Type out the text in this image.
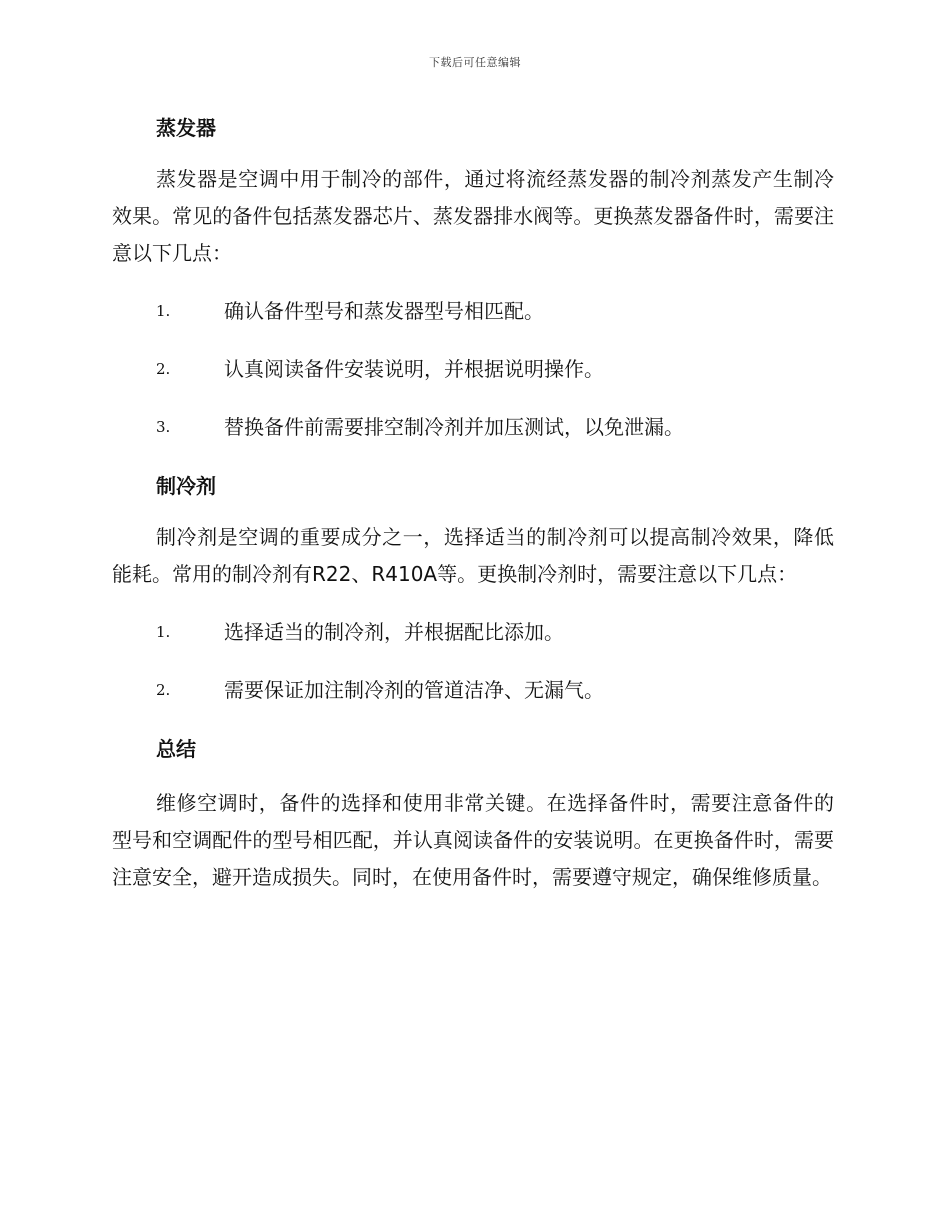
下载后可任意编辑
蒸发器

蒸发器是空调中用于制冷的部件，通过将流经蒸发器的制冷剂蒸发产生制冷效果。常见的备件包括蒸发器芯片、蒸发器排水阀等。更换蒸发器备件时，需要注意以下几点：

1.	确认备件型号和蒸发器型号相匹配。
2.	认真阅读备件安装说明，并根据说明操作。
3.	替换备件前需要排空制冷剂并加压测试，以免泄漏。
制冷剂

制冷剂是空调的重要成分之一，选择适当的制冷剂可以提高制冷效果，降低能耗。常用的制冷剂有R22、R410A等。更换制冷剂时，需要注意以下几点：

1.	选择适当的制冷剂，并根据配比添加。
2.	需要保证加注制冷剂的管道洁净、无漏气。
总结

维修空调时，备件的选择和使用非常关键。在选择备件时，需要注意备件的型号和空调配件的型号相匹配，并认真阅读备件的安装说明。在更换备件时，需要注意安全，避开造成损失。同时，在使用备件时，需要遵守规定，确保维修质量。
